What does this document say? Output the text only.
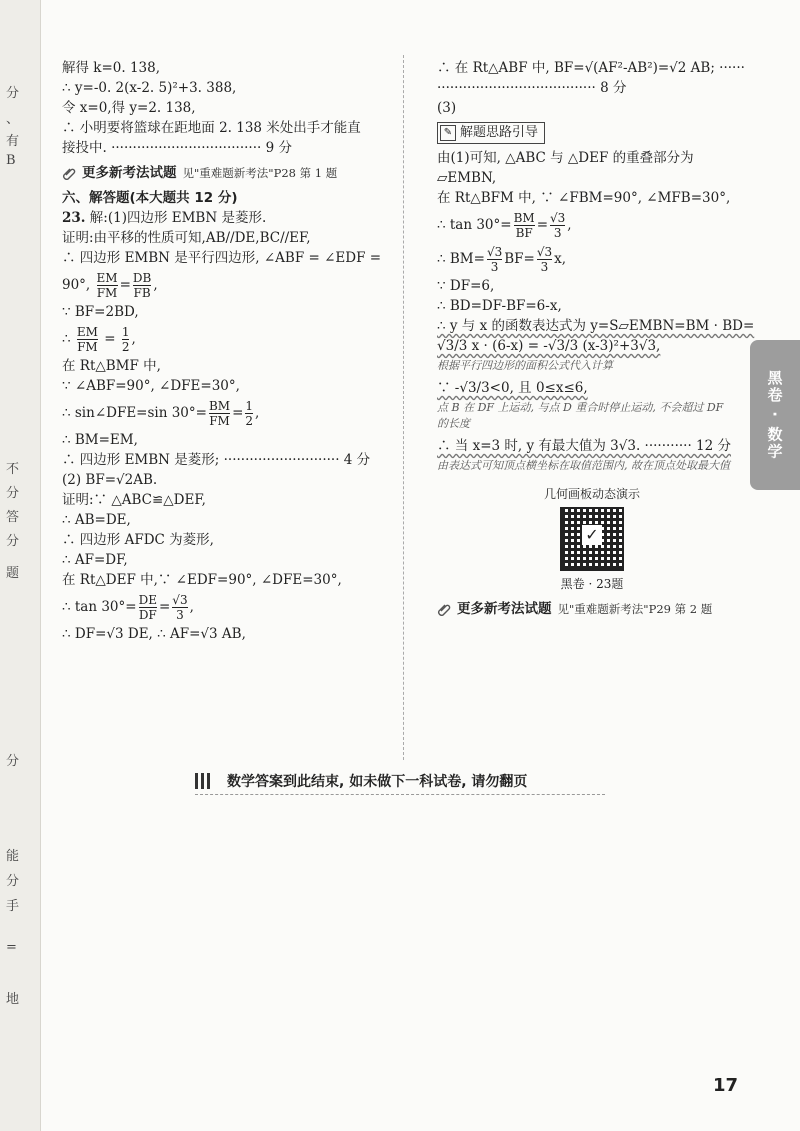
分
、
有
B
不
分
答
分
题
分
能
分
手
=
地

解得 k=0. 138,

∴ y=-0. 2(x-2. 5)²+3. 388,

令 x=0,得 y=2. 138,

∴ 小明要将篮球在距地面 2. 138 米处出手才能直

接投中. ··································· 9 分

更多新考法试题 见"重难题新考法"P28 第 1 题

六、解答题(本大题共 12 分)

23. 解:(1)四边形 EMBN 是菱形.

证明:由平移的性质可知,AB//DE,BC//EF,

∴ 四边形 EMBN 是平行四边形, ∠ABF = ∠EDF =

90°, $\frac{EM}{FM} = \frac{DB}{FB}$ ,

∵ BF=2BD,

∴ $\frac{EM}{FM} = \frac{1}{2}$ ,

在 Rt△BMF 中,

∵ ∠ABF=90°, ∠DFE=30°,

∴ sin∠DFE=sin $30^\circ= \frac{BM}{FM} = \frac{1}{2}$ ,

∴ BM=EM,

∴ 四边形 EMBN 是菱形; ··························· 4 分

(2) BF=√2AB.

证明:∵ △ABC≌△DEF,

∴ AB=DE,

∴ 四边形 AFDC 为菱形,

∴ AF=DF,

在 Rt△DEF 中,∵ ∠EDF=90°, ∠DFE=30°,

∴ $\tan 30^\circ= \frac{DE}{DF} = \frac{√3}{3}$ ,

∴ DF=√3 DE, ∴ AF=√3 AB,

∴ 在 Rt△ABF 中, BF=√(AF²-AB²)=√2 AB; ······

····································· 8 分

(3)

✎ 解题思路引导

由(1)可知, △ABC 与 △DEF 的重叠部分为

▱EMBN,

在 Rt△BFM 中, ∵ ∠FBM=90°, ∠MFB=30°,

∴ $\tan 30^\circ= \frac{BM}{BF} = \frac{√3}{3}$ ,

∴ $BM= \frac{√3}{3} BF= \frac{√3}{3} x$,

∵ DF=6,

∴ BD=DF-BF=6-x,

∴ y 与 x 的函数表达式为 y=S▱EMBN=BM · BD=

√3/3 x · (6-x) = -√3/3 (x-3)²+3√3,

根据平行四边形的面积公式代入计算

∵ -√3/3<0, 且 0≤x≤6,

点 B 在 DF 上运动, 与点 D 重合时停止运动, 不会超过 DF 的长度

∴ 当 x=3 时, y 有最大值为 3√3. ··········· 12 分

由表达式可知顶点横坐标在取值范围内, 故在顶点处取最大值

几何画板动态演示
✓
黑卷 · 23题

更多新考法试题 见"重难题新考法"P29 第 2 题

黑卷 · 数学
数学答案到此结束, 如未做下一科试卷, 请勿翻页
17
